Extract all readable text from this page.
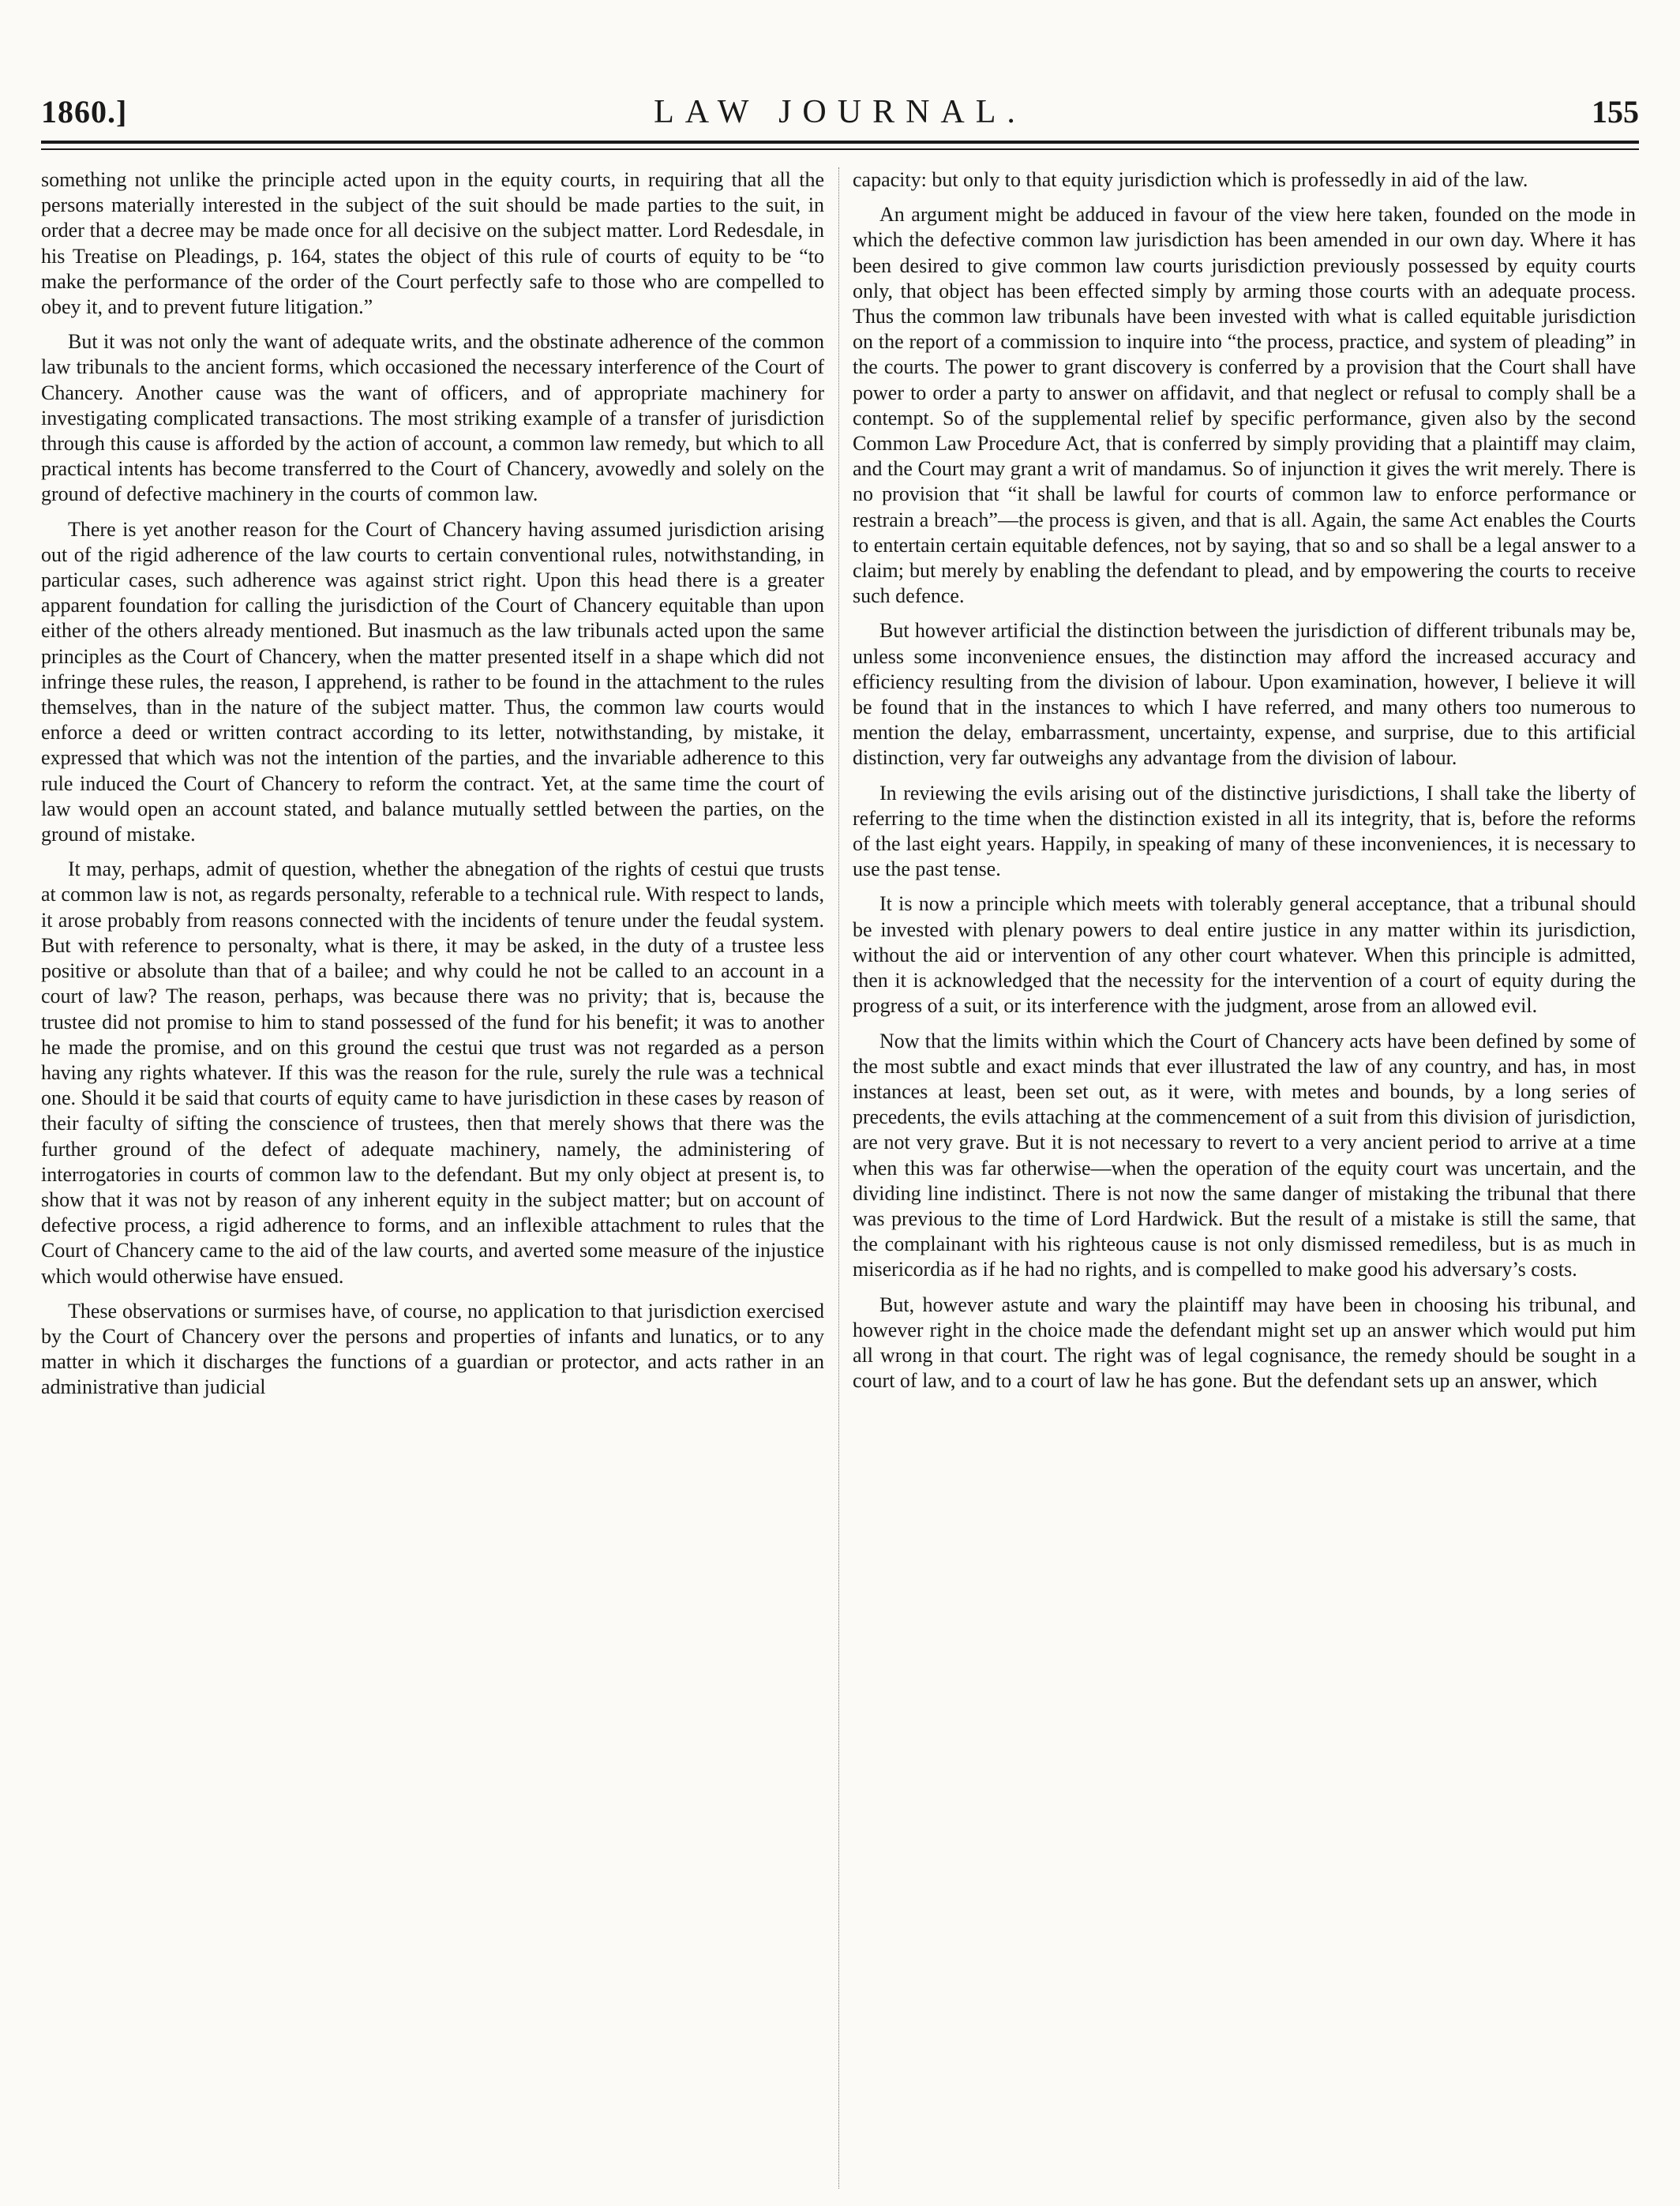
1860.]	LAW JOURNAL.	155

something not unlike the principle acted upon in the equity courts, in requiring that all the persons materially interested in the subject of the suit should be made parties to the suit, in order that a decree may be made once for all decisive on the subject matter. Lord Redesdale, in his Treatise on Pleadings, p. 164, states the object of this rule of courts of equity to be “to make the performance of the order of the Court perfectly safe to those who are compelled to obey it, and to prevent future litigation.”

But it was not only the want of adequate writs, and the obstinate adherence of the common law tribunals to the ancient forms, which occasioned the necessary interference of the Court of Chancery. Another cause was the want of officers, and of appropriate machinery for investigating complicated transactions. The most striking example of a transfer of jurisdiction through this cause is afforded by the action of account, a common law remedy, but which to all practical intents has become transferred to the Court of Chancery, avowedly and solely on the ground of defective machinery in the courts of common law.

There is yet another reason for the Court of Chancery having assumed jurisdiction arising out of the rigid adherence of the law courts to certain conventional rules, notwithstanding, in particular cases, such adherence was against strict right. Upon this head there is a greater apparent foundation for calling the jurisdiction of the Court of Chancery equitable than upon either of the others already mentioned. But inasmuch as the law tribunals acted upon the same principles as the Court of Chancery, when the matter presented itself in a shape which did not infringe these rules, the reason, I apprehend, is rather to be found in the attachment to the rules themselves, than in the nature of the subject matter. Thus, the common law courts would enforce a deed or written contract according to its letter, notwithstanding, by mistake, it expressed that which was not the intention of the parties, and the invariable adherence to this rule induced the Court of Chancery to reform the contract. Yet, at the same time the court of law would open an account stated, and balance mutually settled between the parties, on the ground of mistake.

It may, perhaps, admit of question, whether the abnegation of the rights of cestui que trusts at common law is not, as regards personalty, referable to a technical rule. With respect to lands, it arose probably from reasons connected with the incidents of tenure under the feudal system. But with reference to personalty, what is there, it may be asked, in the duty of a trustee less positive or absolute than that of a bailee; and why could he not be called to an account in a court of law? The reason, perhaps, was because there was no privity; that is, because the trustee did not promise to him to stand possessed of the fund for his benefit; it was to another he made the promise, and on this ground the cestui que trust was not regarded as a person having any rights whatever. If this was the reason for the rule, surely the rule was a technical one. Should it be said that courts of equity came to have jurisdiction in these cases by reason of their faculty of sifting the conscience of trustees, then that merely shows that there was the further ground of the defect of adequate machinery, namely, the administering of interrogatories in courts of common law to the defendant. But my only object at present is, to show that it was not by reason of any inherent equity in the subject matter; but on account of defective process, a rigid adherence to forms, and an inflexible attachment to rules that the Court of Chancery came to the aid of the law courts, and averted some measure of the injustice which would otherwise have ensued.

These observations or surmises have, of course, no application to that jurisdiction exercised by the Court of Chancery over the persons and properties of infants and lunatics, or to any matter in which it discharges the functions of a guardian or protector, and acts rather in an administrative than judicial

capacity: but only to that equity jurisdiction which is professedly in aid of the law.

An argument might be adduced in favour of the view here taken, founded on the mode in which the defective common law jurisdiction has been amended in our own day. Where it has been desired to give common law courts jurisdiction previously possessed by equity courts only, that object has been effected simply by arming those courts with an adequate process. Thus the common law tribunals have been invested with what is called equitable jurisdiction on the report of a commission to inquire into “the process, practice, and system of pleading” in the courts. The power to grant discovery is conferred by a provision that the Court shall have power to order a party to answer on affidavit, and that neglect or refusal to comply shall be a contempt. So of the supplemental relief by specific performance, given also by the second Common Law Procedure Act, that is conferred by simply providing that a plaintiff may claim, and the Court may grant a writ of mandamus. So of injunction it gives the writ merely. There is no provision that “it shall be lawful for courts of common law to enforce performance or restrain a breach”—the process is given, and that is all. Again, the same Act enables the Courts to entertain certain equitable defences, not by saying, that so and so shall be a legal answer to a claim; but merely by enabling the defendant to plead, and by empowering the courts to receive such defence.

But however artificial the distinction between the jurisdiction of different tribunals may be, unless some inconvenience ensues, the distinction may afford the increased accuracy and efficiency resulting from the division of labour. Upon examination, however, I believe it will be found that in the instances to which I have referred, and many others too numerous to mention the delay, embarrassment, uncertainty, expense, and surprise, due to this artificial distinction, very far outweighs any advantage from the division of labour.

In reviewing the evils arising out of the distinctive jurisdictions, I shall take the liberty of referring to the time when the distinction existed in all its integrity, that is, before the reforms of the last eight years. Happily, in speaking of many of these inconveniences, it is necessary to use the past tense.

It is now a principle which meets with tolerably general acceptance, that a tribunal should be invested with plenary powers to deal entire justice in any matter within its jurisdiction, without the aid or intervention of any other court whatever. When this principle is admitted, then it is acknowledged that the necessity for the intervention of a court of equity during the progress of a suit, or its interference with the judgment, arose from an allowed evil.

Now that the limits within which the Court of Chancery acts have been defined by some of the most subtle and exact minds that ever illustrated the law of any country, and has, in most instances at least, been set out, as it were, with metes and bounds, by a long series of precedents, the evils attaching at the commencement of a suit from this division of jurisdiction, are not very grave. But it is not necessary to revert to a very ancient period to arrive at a time when this was far otherwise—when the operation of the equity court was uncertain, and the dividing line indistinct. There is not now the same danger of mistaking the tribunal that there was previous to the time of Lord Hardwick. But the result of a mistake is still the same, that the complainant with his righteous cause is not only dismissed remediless, but is as much in misericordia as if he had no rights, and is compelled to make good his adversary’s costs.

But, however astute and wary the plaintiff may have been in choosing his tribunal, and however right in the choice made the defendant might set up an answer which would put him all wrong in that court. The right was of legal cognisance, the remedy should be sought in a court of law, and to a court of law he has gone. But the defendant sets up an answer, which
